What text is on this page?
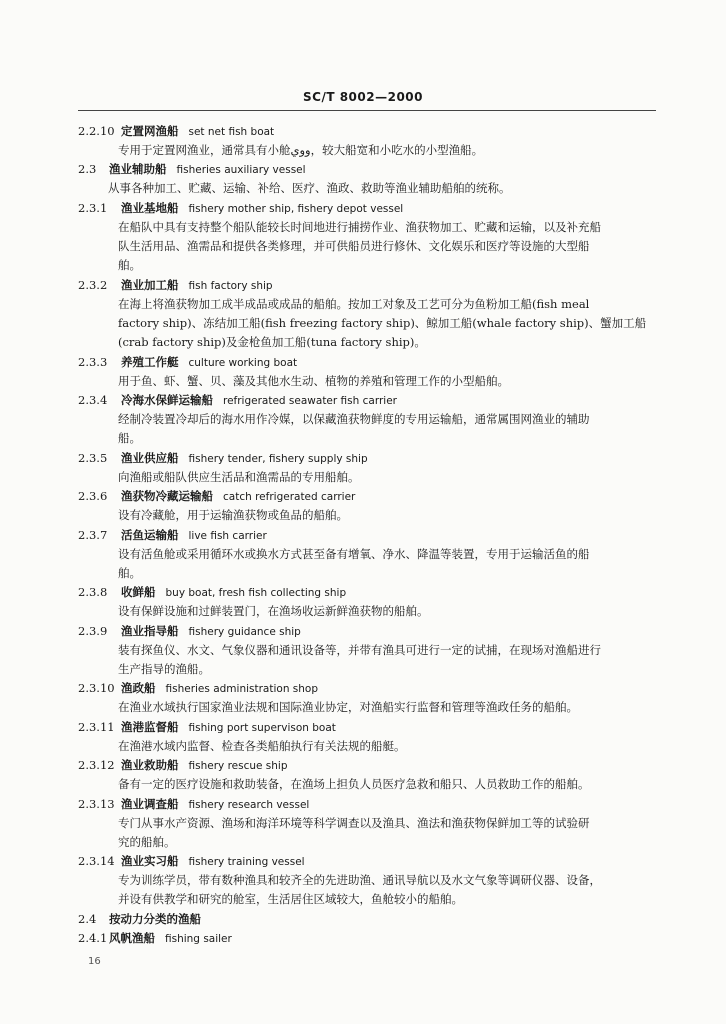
SC/T 8002—2000
2.2.10 定置网渔船 set net fish boat
专用于定置网渔业，通常具有小舱ووي，较大船宽和小吃水的小型渔船。
2.3 渔业辅助船 fisheries auxiliary vessel
从事各种加工、贮藏、运输、补给、医疗、渔政、救助等渔业辅助船舶的统称。
2.3.1 渔业基地船 fishery mother ship, fishery depot vessel
在船队中具有支持整个船队能较长时间地进行捕捞作业、渔获物加工、贮藏和运输，以及补充船
队生活用品、渔需品和提供各类修理，并可供船员进行修休、文化娱乐和医疗等设施的大型船
舶。
2.3.2 渔业加工船 fish factory ship
在海上将渔获物加工成半成品或成品的船舶。按加工对象及工艺可分为鱼粉加工船(fish meal
factory ship)、冻结加工船(fish freezing factory ship)、鲸加工船(whale factory ship)、蟹加工船
(crab factory ship)及金枪鱼加工船(tuna factory ship)。
2.3.3 养殖工作艇 culture working boat
用于鱼、虾、蟹、贝、藻及其他水生动、植物的养殖和管理工作的小型船舶。
2.3.4 冷海水保鲜运输船 refrigerated seawater fish carrier
经制冷装置冷却后的海水用作冷媒，以保藏渔获物鲜度的专用运输船，通常属围网渔业的辅助
船。
2.3.5 渔业供应船 fishery tender, fishery supply ship
向渔船或船队供应生活品和渔需品的专用船舶。
2.3.6 渔获物冷藏运输船 catch refrigerated carrier
设有冷藏舱，用于运输渔获物或鱼品的船舶。
2.3.7 活鱼运输船 live fish carrier
设有活鱼舱或采用循环水或换水方式甚至备有增氧、净水、降温等装置，专用于运输活鱼的船
舶。
2.3.8 收鲜船 buy boat, fresh fish collecting ship
设有保鲜设施和过鲜装置门，在渔场收运新鲜渔获物的船舶。
2.3.9 渔业指导船 fishery guidance ship
装有探鱼仪、水文、气象仪器和通讯设备等，并带有渔具可进行一定的试捕，在现场对渔船进行
生产指导的渔船。
2.3.10 渔政船 fisheries administration shop
在渔业水域执行国家渔业法规和国际渔业协定，对渔船实行监督和管理等渔政任务的船舶。
2.3.11 渔港监督船 fishing port supervison boat
在渔港水域内监督、检查各类船舶执行有关法规的船艇。
2.3.12 渔业救助船 fishery rescue ship
备有一定的医疗设施和救助装备，在渔场上担负人员医疗急救和船只、人员救助工作的船舶。
2.3.13 渔业调查船 fishery research vessel
专门从事水产资源、渔场和海洋环境等科学调查以及渔具、渔法和渔获物保鲜加工等的试验研
究的船舶。
2.3.14 渔业实习船 fishery training vessel
专为训练学员，带有数种渔具和较齐全的先进助渔、通讯导航以及水文气象等调研仪器、设备，
并设有供教学和研究的舱室，生活居住区域较大，鱼舱较小的船舶。
2.4 按动力分类的渔船
2.4.1 风帆渔船 fishing sailer
16
